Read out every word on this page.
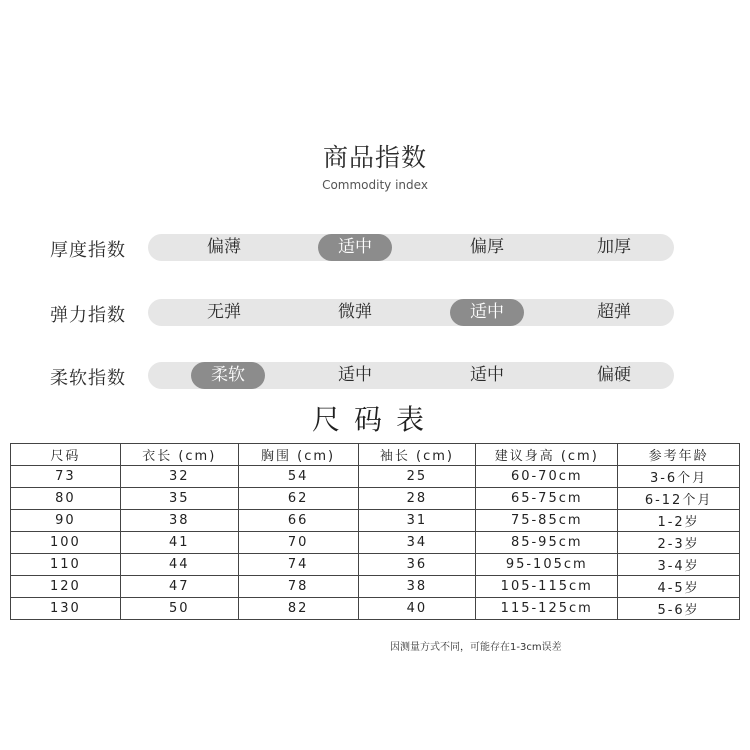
商品指数
Commodity index
厚度指数	偏薄	适中	偏厚	加厚
弹力指数	无弹	微弹	适中	超弹
柔软指数	柔软	适中	适中	偏硬
尺码表
尺码	衣长 (cm)	胸围 (cm)	袖长 (cm)	建议身高 (cm)	参考年龄
73	32	54	25	60-70cm	3-6个月
80	35	62	28	65-75cm	6-12个月
90	38	66	31	75-85cm	1-2岁
100	41	70	34	85-95cm	2-3岁
110	44	74	36	95-105cm	3-4岁
120	47	78	38	105-115cm	4-5岁
130	50	82	40	115-125cm	5-6岁
因测量方式不同，可能存在1-3cm误差
